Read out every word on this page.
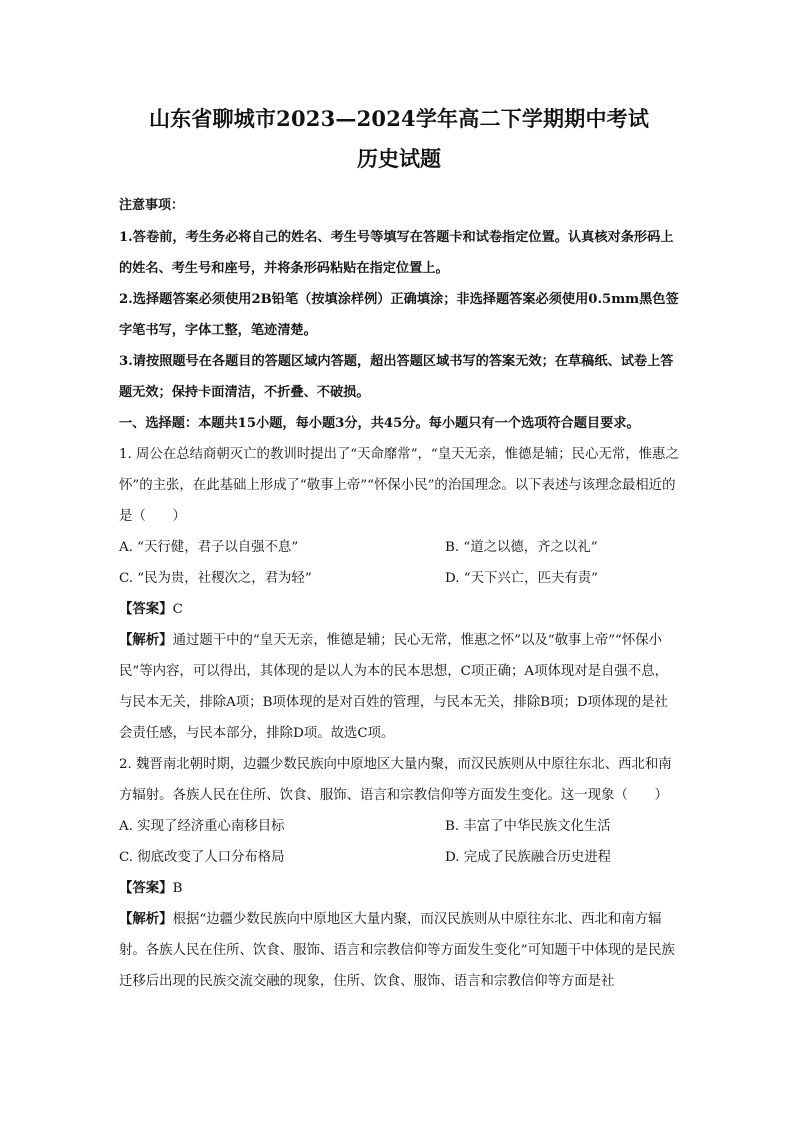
山东省聊城市2023—2024学年高二下学期期中考试
历史试题

注意事项：

1.答卷前，考生务必将自己的姓名、考生号等填写在答题卡和试卷指定位置。认真核对条形码上的姓名、考生号和座号，并将条形码粘贴在指定位置上。

2.选择题答案必须使用2B铅笔（按填涂样例）正确填涂；非选择题答案必须使用0.5mm黑色签字笔书写，字体工整，笔迹清楚。

3.请按照题号在各题目的答题区域内答题，超出答题区域书写的答案无效；在草稿纸、试卷上答题无效；保持卡面清洁，不折叠、不破损。

一、选择题：本题共15小题，每小题3分，共45分。每小题只有一个选项符合题目要求。

1. 周公在总结商朝灭亡的教训时提出了“天命靡常”，“皇天无亲，惟德是辅；民心无常，惟惠之怀”的主张，在此基础上形成了“敬事上帝”“怀保小民”的治国理念。以下表述与该理念最相近的是（　　）

A. “天行健，君子以自强不息”	B. “道之以德，齐之以礼”
C. “民为贵，社稷次之，君为轻”	D. “天下兴亡，匹夫有责”

【答案】C

【解析】通过题干中的“皇天无亲，惟德是辅；民心无常，惟惠之怀”以及“敬事上帝”“怀保小民”等内容，可以得出，其体现的是以人为本的民本思想，C项正确；A项体现对是自强不息，与民本无关，排除A项；B项体现的是对百姓的管理，与民本无关，排除B项；D项体现的是社会责任感，与民本部分，排除D项。故选C项。

2. 魏晋南北朝时期，边疆少数民族向中原地区大量内聚，而汉民族则从中原往东北、西北和南方辐射。各族人民在住所、饮食、服饰、语言和宗教信仰等方面发生变化。这一现象（　　）

A. 实现了经济重心南移目标	B. 丰富了中华民族文化生活
C. 彻底改变了人口分布格局	D. 完成了民族融合历史进程

【答案】B

【解析】根据“边疆少数民族向中原地区大量内聚，而汉民族则从中原往东北、西北和南方辐射。各族人民在住所、饮食、服饰、语言和宗教信仰等方面发生变化”可知题干中体现的是民族迁移后出现的民族交流交融的现象，住所、饮食、服饰、语言和宗教信仰等方面是社
